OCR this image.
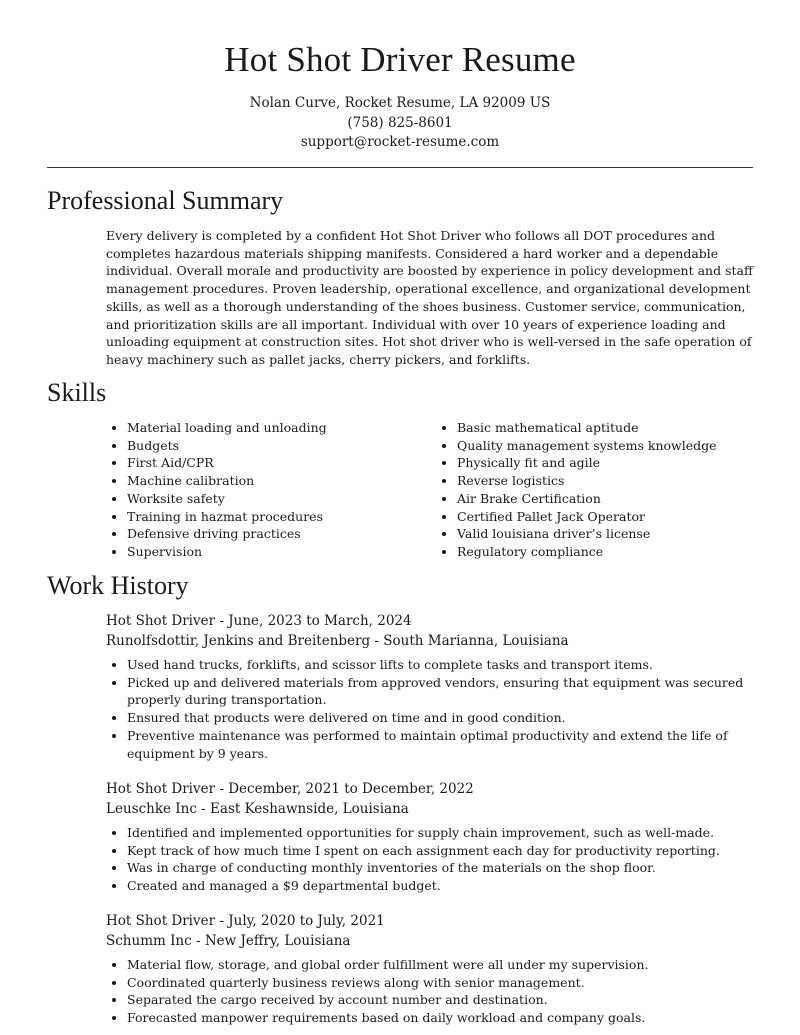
Hot Shot Driver Resume
Nolan Curve, Rocket Resume, LA 92009 US
(758) 825-8601
support@rocket-resume.com
Professional Summary

Every delivery is completed by a confident Hot Shot Driver who follows all DOT procedures and completes hazardous materials shipping manifests. Considered a hard worker and a dependable individual. Overall morale and productivity are boosted by experience in policy development and staff management procedures. Proven leadership, operational excellence, and organizational development skills, as well as a thorough understanding of the shoes business. Customer service, communication, and prioritization skills are all important. Individual with over 10 years of experience loading and unloading equipment at construction sites. Hot shot driver who is well-versed in the safe operation of heavy machinery such as pallet jacks, cherry pickers, and forklifts.

Skills
• Material loading and unloading
• Budgets
• First Aid/CPR
• Machine calibration
• Worksite safety
• Training in hazmat procedures
• Defensive driving practices
• Supervision
• Basic mathematical aptitude
• Quality management systems knowledge
• Physically fit and agile
• Reverse logistics
• Air Brake Certification
• Certified Pallet Jack Operator
• Valid louisiana driver’s license
• Regulatory compliance
Work History
Hot Shot Driver - June, 2023 to March, 2024
Runolfsdottir, Jenkins and Breitenberg - South Marianna, Louisiana
• Used hand trucks, forklifts, and scissor lifts to complete tasks and transport items.
• Picked up and delivered materials from approved vendors, ensuring that equipment was secured properly during transportation.
• Ensured that products were delivered on time and in good condition.
• Preventive maintenance was performed to maintain optimal productivity and extend the life of equipment by 9 years.
Hot Shot Driver - December, 2021 to December, 2022
Leuschke Inc - East Keshawnside, Louisiana
• Identified and implemented opportunities for supply chain improvement, such as well-made.
• Kept track of how much time I spent on each assignment each day for productivity reporting.
• Was in charge of conducting monthly inventories of the materials on the shop floor.
• Created and managed a $9 departmental budget.
Hot Shot Driver - July, 2020 to July, 2021
Schumm Inc - New Jeffry, Louisiana
• Material flow, storage, and global order fulfillment were all under my supervision.
• Coordinated quarterly business reviews along with senior management.
• Separated the cargo received by account number and destination.
• Forecasted manpower requirements based on daily workload and company goals.
